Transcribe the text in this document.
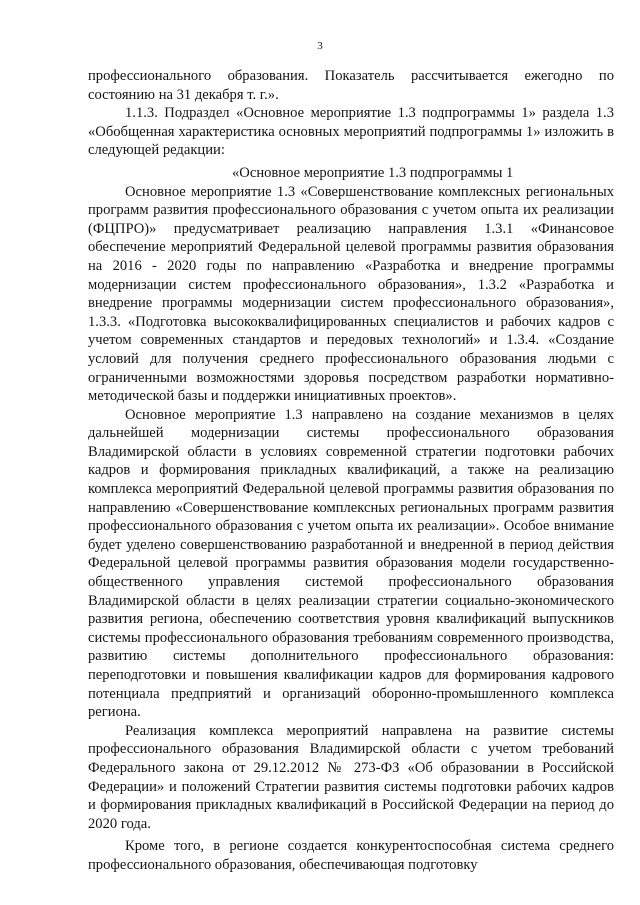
3

профессионального образования. Показатель рассчитывается ежегодно по состоянию на 31 декабря т. г.».

1.1.3. Подраздел «Основное мероприятие 1.3 подпрограммы 1» раздела 1.3 «Обобщенная характеристика основных мероприятий подпрограммы 1» изложить в следующей редакции:

«Основное мероприятие 1.3 подпрограммы 1

Основное мероприятие 1.3 «Совершенствование комплексных региональных программ развития профессионального образования с учетом опыта их реализации (ФЦПРО)» предусматривает реализацию направления 1.3.1 «Финансовое обеспечение мероприятий Федеральной целевой программы развития образования на 2016 - 2020 годы по направлению «Разработка и внедрение программы модернизации систем профессионального образования», 1.3.2 «Разработка и внедрение программы модернизации систем профессионального образования», 1.3.3. «Подготовка высококвалифицированных специалистов и рабочих кадров с учетом современных стандартов и передовых технологий» и 1.3.4. «Создание условий для получения среднего профессионального образования людьми с ограниченными возможностями здоровья посредством разработки нормативно-методической базы и поддержки инициативных проектов».

Основное мероприятие 1.3 направлено на создание механизмов в целях дальнейшей модернизации системы профессионального образования Владимирской области в условиях современной стратегии подготовки рабочих кадров и формирования прикладных квалификаций, а также на реализацию комплекса мероприятий Федеральной целевой программы развития образования по направлению «Совершенствование комплексных региональных программ развития профессионального образования с учетом опыта их реализации». Особое внимание будет уделено совершенствованию разработанной и внедренной в период действия Федеральной целевой программы развития образования модели государственно-общественного управления системой профессионального образования Владимирской области в целях реализации стратегии социально-экономического развития региона, обеспечению соответствия уровня квалификаций выпускников системы профессионального образования требованиям современного производства, развитию системы дополнительного профессионального образования: переподготовки и повышения квалификации кадров для формирования кадрового потенциала предприятий и организаций оборонно-промышленного комплекса региона.

Реализация комплекса мероприятий направлена на развитие системы профессионального образования Владимирской области с учетом требований Федерального закона от 29.12.2012 № 273-ФЗ «Об образовании в Российской Федерации» и положений Стратегии развития системы подготовки рабочих кадров и формирования прикладных квалификаций в Российской Федерации на период до 2020 года.

Кроме того, в регионе создается конкурентоспособная система среднего профессионального образования, обеспечивающая подготовку
